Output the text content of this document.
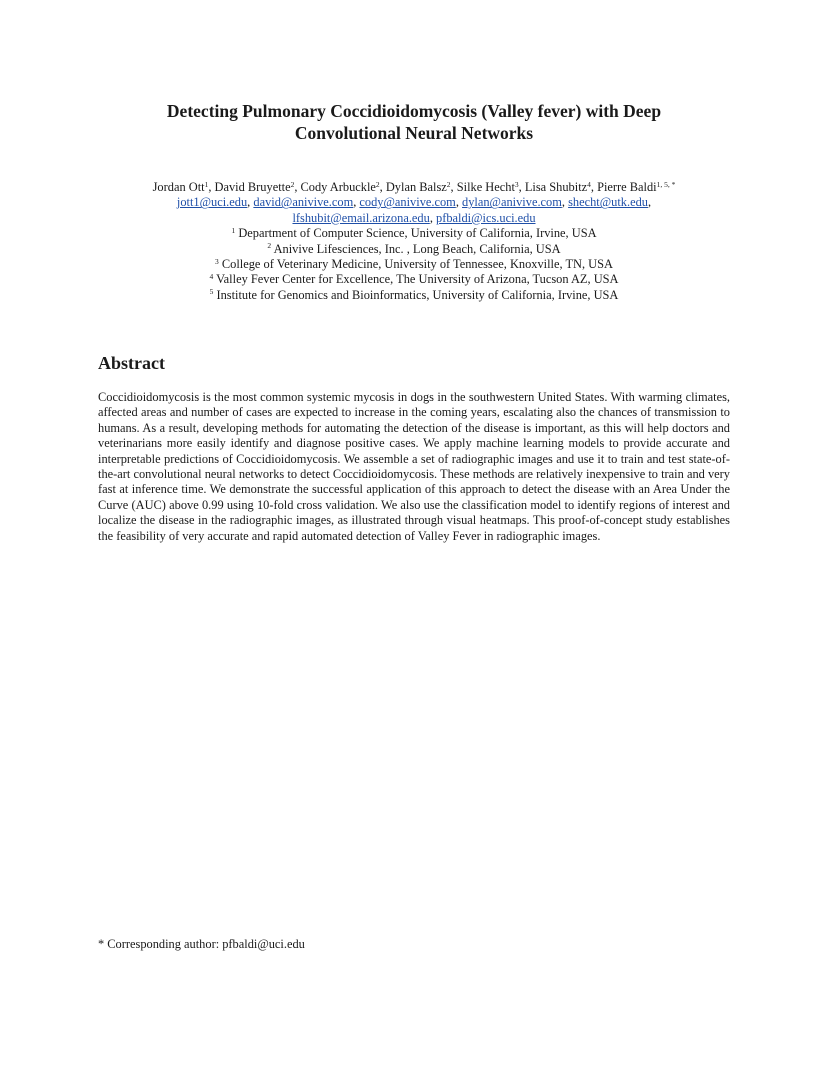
Detecting Pulmonary Coccidioidomycosis (Valley fever) with Deep
Convolutional Neural Networks
Jordan Ott$^1$, David Bruyette$^2$, Cody Arbuckle$^2$, Dylan Balsz$^2$, Silke Hecht$^3$, Lisa Shubitz$^4$, Pierre Baldi$^{1, 5, *}$
jott1@uci.edu, david@anivive.com, cody@anivive.com, dylan@anivive.com, shecht@utk.edu,
lfshubit@email.arizona.edu, pfbaldi@ics.uci.edu
$^1$ Department of Computer Science, University of California, Irvine, USA
$^2$ Anivive Lifesciences, Inc. , Long Beach, California, USA
$^3$ College of Veterinary Medicine, University of Tennessee, Knoxville, TN, USA
$^4$ Valley Fever Center for Excellence, The University of Arizona, Tucson AZ, USA
$^5$ Institute for Genomics and Bioinformatics, University of California, Irvine, USA
Abstract

Coccidioidomycosis is the most common systemic mycosis in dogs in the southwestern United States. With warming climates, affected areas and number of cases are expected to increase in the coming years, escalating also the chances of transmission to humans. As a result, developing methods for automating the detection of the disease is important, as this will help doctors and veterinarians more easily identify and diagnose positive cases. We apply machine learning models to provide accurate and interpretable predictions of Coccidioidomycosis. We assemble a set of radiographic images and use it to train and test state-of-the-art convolutional neural networks to detect Coccidioidomycosis. These methods are relatively inexpensive to train and very fast at inference time. We demonstrate the successful application of this approach to detect the disease with an Area Under the Curve (AUC) above 0.99 using 10-fold cross validation. We also use the classification model to identify regions of interest and localize the disease in the radiographic images, as illustrated through visual heatmaps. This proof-of-concept study establishes the feasibility of very accurate and rapid automated detection of Valley Fever in radiographic images.

* Corresponding author: pfbaldi@uci.edu
